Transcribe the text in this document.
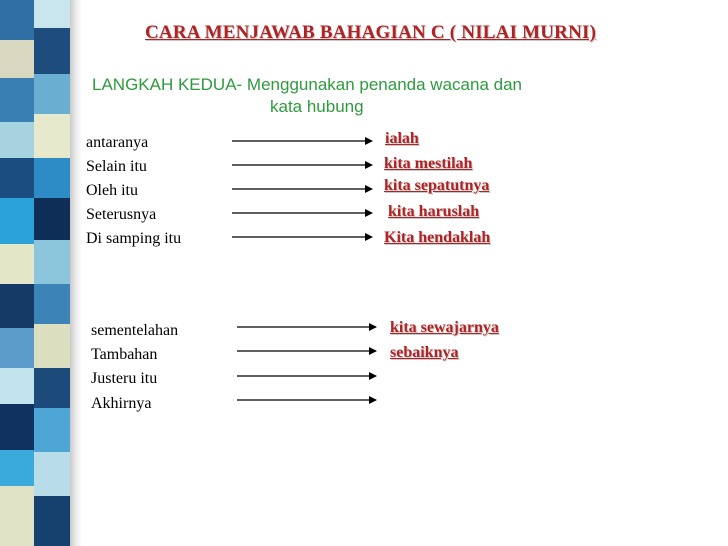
CARA MENJAWAB BAHAGIAN C ( NILAI MURNI)
LANGKAH KEDUA- Menggunakan penanda wacana dan
kata hubung
antaranya
Selain itu
Oleh itu
Seterusnya
Di samping itu
ialah
kita mestilah
kita sepatutnya
kita haruslah
Kita hendaklah
sementelahan
Tambahan
Justeru itu
Akhirnya
kita sewajarnya
sebaiknya
